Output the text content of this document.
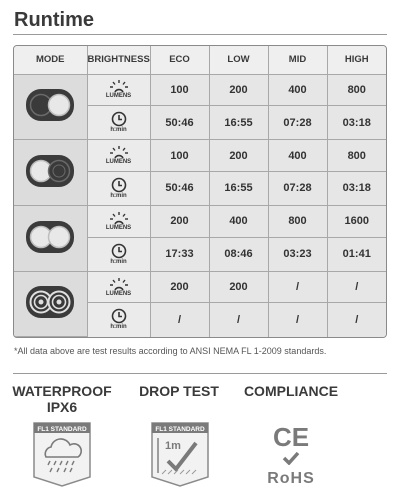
Runtime
MODE	BRIGHTNESS	ECO	LOW	MID	HIGH

LUMENS	100	200	400	800

	h:min	50:46	16:55	07:28	03:18

LUMENS	100	200	400	800

	h:min	50:46	16:55	07:28	03:18

LUMENS	200	400	800	1600

	h:min	17:33	08:46	03:23	01:41

LUMENS	200	200	/	/

	h:min	/	/	/	/
*All data above are test results according to ANSI NEMA FL 1-2009 standards.
WATERPROOF
IPX6
DROP TEST	COMPLIANCE
FL1 STANDARD	FL1 STANDARD
1m	CE
RoHS
